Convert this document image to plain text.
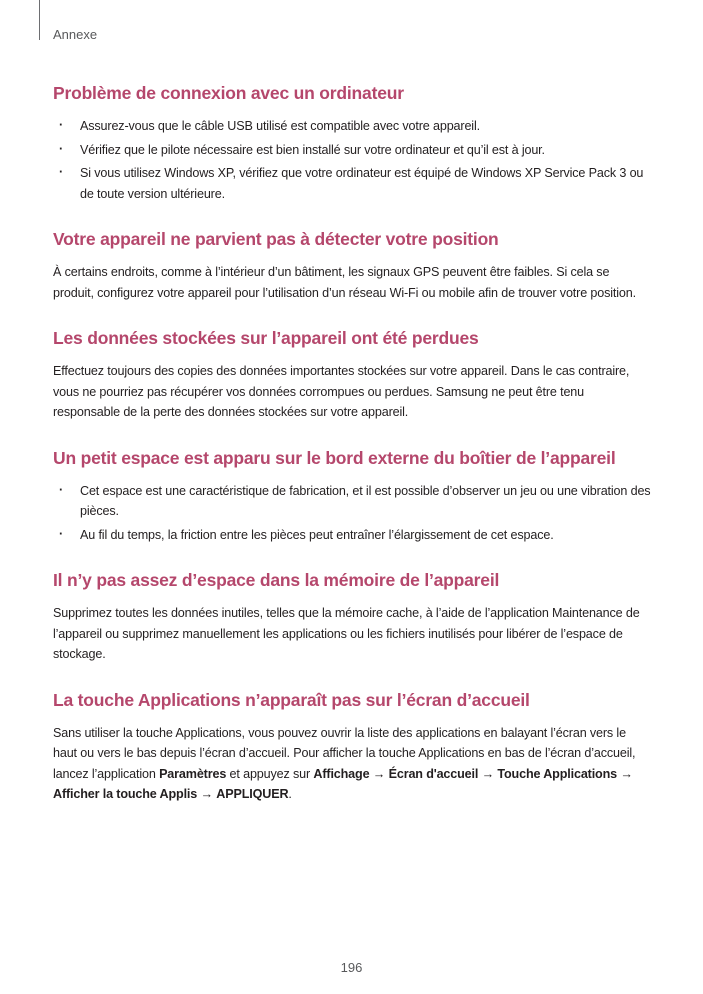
Annexe
Problème de connexion avec un ordinateur
· Assurez-vous que le câble USB utilisé est compatible avec votre appareil.
· Vérifiez que le pilote nécessaire est bien installé sur votre ordinateur et qu’il est à jour.
· Si vous utilisez Windows XP, vérifiez que votre ordinateur est équipé de Windows XP Service Pack 3 ou de toute version ultérieure.
Votre appareil ne parvient pas à détecter votre position

À certains endroits, comme à l’intérieur d’un bâtiment, les signaux GPS peuvent être faibles. Si cela se produit, configurez votre appareil pour l’utilisation d’un réseau Wi-Fi ou mobile afin de trouver votre position.

Les données stockées sur l’appareil ont été perdues

Effectuez toujours des copies des données importantes stockées sur votre appareil. Dans le cas contraire, vous ne pourriez pas récupérer vos données corrompues ou perdues. Samsung ne peut être tenu responsable de la perte des données stockées sur votre appareil.

Un petit espace est apparu sur le bord externe du boîtier de l’appareil
· Cet espace est une caractéristique de fabrication, et il est possible d’observer un jeu ou une vibration des pièces.
· Au fil du temps, la friction entre les pièces peut entraîner l’élargissement de cet espace.
Il n’y pas assez d’espace dans la mémoire de l’appareil

Supprimez toutes les données inutiles, telles que la mémoire cache, à l’aide de l’application Maintenance de l’appareil ou supprimez manuellement les applications ou les fichiers inutilisés pour libérer de l’espace de stockage.

La touche Applications n’apparaît pas sur l’écran d’accueil

Sans utiliser la touche Applications, vous pouvez ouvrir la liste des applications en balayant l’écran vers le haut ou vers le bas depuis l’écran d’accueil. Pour afficher la touche Applications en bas de l’écran d’accueil, lancez l’application Paramètres et appuyez sur Affichage → Écran d'accueil → Touche Applications → Afficher la touche Applis → APPLIQUER.

196
